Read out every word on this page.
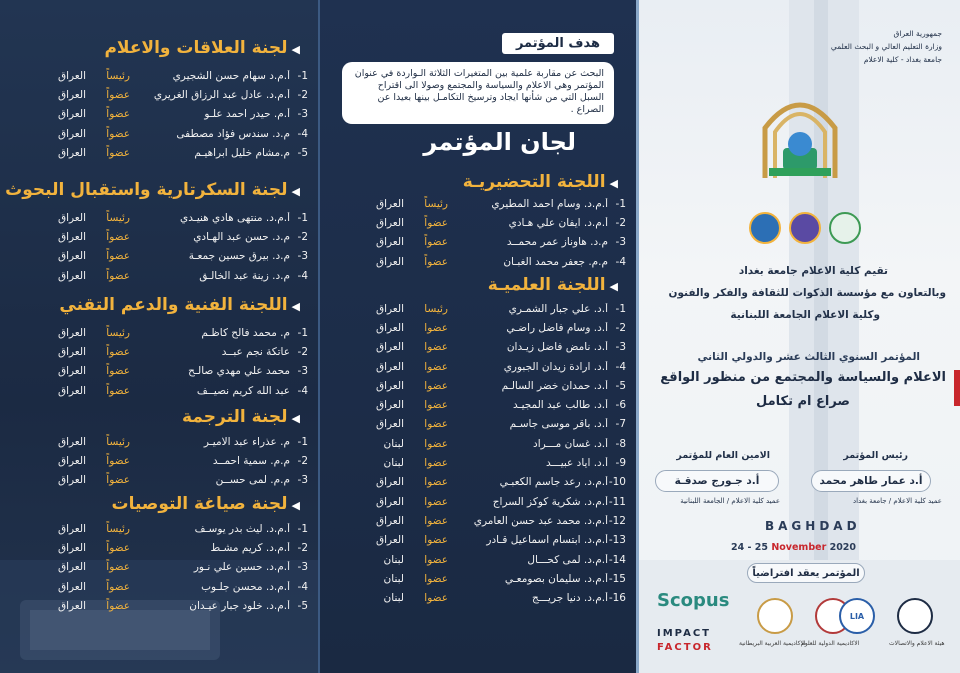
◀لجنة العلاقات والاعلام
1-
أ.م.د سهام حسن الشجيري
رئيساً
العراق
2-
أ.م.د. عادل عبد الرزاق الغريري
عضواً
العراق
3-
أ.م. حيدر احمد علـو
عضواً
العراق
4-
م.د. سندس فؤاد مصطفى
عضواً
العراق
5-
م.مشام خليل ابراهيـم
عضواً
العراق
◀لجنة السكرتارية واستقبال البحوث
1-
أ.م.د. منتهى هادي هنيـدي
رئيساً
العراق
2-
م.د. حسن عبد الهـادي
عضواً
العراق
3-
م.د. بيرق حسين جمعـة
عضواً
العراق
4-
م.د. زينة عبد الخالـق
عضواً
العراق
◀اللجنة الفنية والدعم التقني
1-
م. محمد فالح كاظـم
رئيساً
العراق
2-
عاتكة نجم عبــد
عضواً
العراق
3-
محمد علي مهدي صالـح
عضواً
العراق
4-
عبد الله كريم نصيــف
عضواً
العراق
◀لجنة الترجمة
1-
م. عذراء عبد الاميـر
رئيساً
العراق
2-
م.م. سمية احمــد
عضواً
العراق
3-
م.م. لمى حســن
عضواً
العراق
◀لجنة صياغة التوصيات
1-
أ.م.د. ليث بدر يوسـف
رئيساً
العراق
2-
أ.م.د. كريم مشـط
عضواً
العراق
3-
أ.م.د. حسين علي نـور
عضواً
العراق
4-
أ.م.د. محسن جلـوب
عضواً
العراق
5-
أ.م.د. خلود جبار عيـدان
عضواً
العراق
هدف المؤتمر
البحث عن مقاربة علمية بين المتغيرات الثلاثة الـواردة في عنوان المؤتمر وهي الاعلام والسياسة والمجتمع وصولا الى اقتراح السبل التي من شأنها ايجاد وترسيخ التكامـل بينها بعيدا عن الصراع .
لجان المؤتمر
◀اللجنة التحضيريـة
1-
أ.م.د. وسام احمد المطيري
رئيساً
العراق
2-
أ.م.د. ايفان علي هـادي
عضواً
العراق
3-
م.د. هاوناز عمر محمــد
عضواً
العراق
4-
م.م. جعفر محمد الغبـان
عضواً
العراق
◀اللجنة العلميـة
1-
أ.د. علي جبار الشمـري
رئيسا
العراق
2-
أ.د. وسام فاضل راضـي
عضوا
العراق
3-
أ.د. نامض فاضل زيـدان
عضوا
العراق
4-
أ.د. ارادة زيدان الجبوري
عضوا
العراق
5-
أ.د. حمدان خضر السالـم
عضوا
العراق
6-
أ.د. طالب عبد المجيـد
عضوا
العراق
7-
أ.د. باقر موسى جاسـم
عضوا
العراق
8-
أ.د. غسان مـــراد
عضوا
لبنان
9-
أ.د. اياد عبيـــد
عضوا
لبنان
10-
أ.م.د. رعد جاسم الكعبـي
عضوا
العراق
11-
أ.م.د. شكرية كوكز السراج
عضوا
العراق
12-
أ.م.د. محمد عبد حسن العامري
عضوا
العراق
13-
أ.م.د. ابتسام اسماعيل قـادر
عضوا
العراق
14-
أ.م.د. لمى كحـــال
عضوا
لبنان
15-
أ.م.د. سليمان بصومعـي
عضوا
لبنان
16-
أ.م.د. دنيا جريـــج
عضوا
لبنان
جمهورية العراق
وزارة التعليم العالي و البحث العلمي
جامعة بغداد - كلية الاعلام
تقيم كلية الاعلام جامعة بغداد
وبالتعاون مع مؤسسة الذكوات للثقافة والفكر والفنون
وكلية الاعلام الجامعة اللبنانية
المؤتمر السنوي الثالث عشر والدولي الثاني
الاعلام والسياسة والمجتمع من منظور الواقع
صراع ام تكامل
رئيس المؤتمر
أ.د عمار طاهر محمد
عميد كلية الاعلام / جامعة بغداد
الامين العام للمؤتمر
أ.د جـورج صدقـة
عميد كلية الاعلام / الجامعة اللبنانية
BAGHDAD
24 - 25 November 2020
المؤتمر يعقد افتراضياً
Scopus
IMPACT
FACTOR	الاكاديمية العربية البريطانية
الاكاديمية الدولية للعلوم
LIA
هيئة الاعلام والاتصالات
